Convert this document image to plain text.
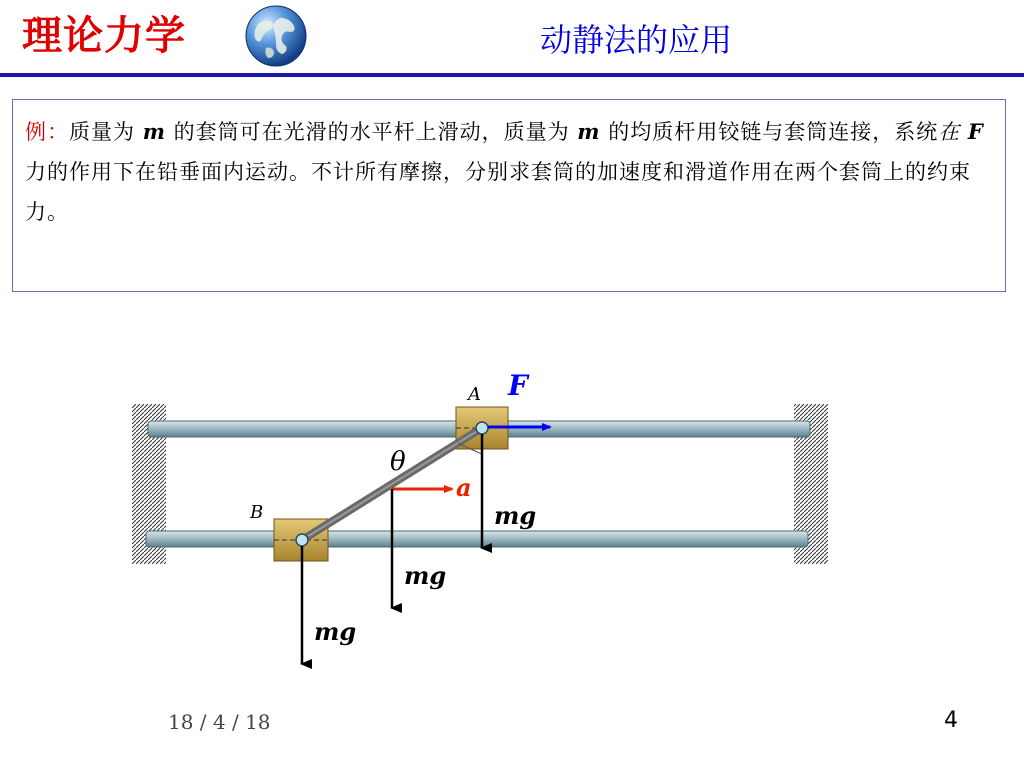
理论力学	动静法的应用
例：质量为 m 的套筒可在光滑的水平杆上滑动，质量为 m 的均质杆用铰链与套筒连接，系统在 F 力的作用下在铅垂面内运动。不计所有摩擦，分别求套筒的加速度和滑道作用在两个套筒上的约束力。
A F
θ
a
B	mg
mg
mg
18 / 4 / 18	4
